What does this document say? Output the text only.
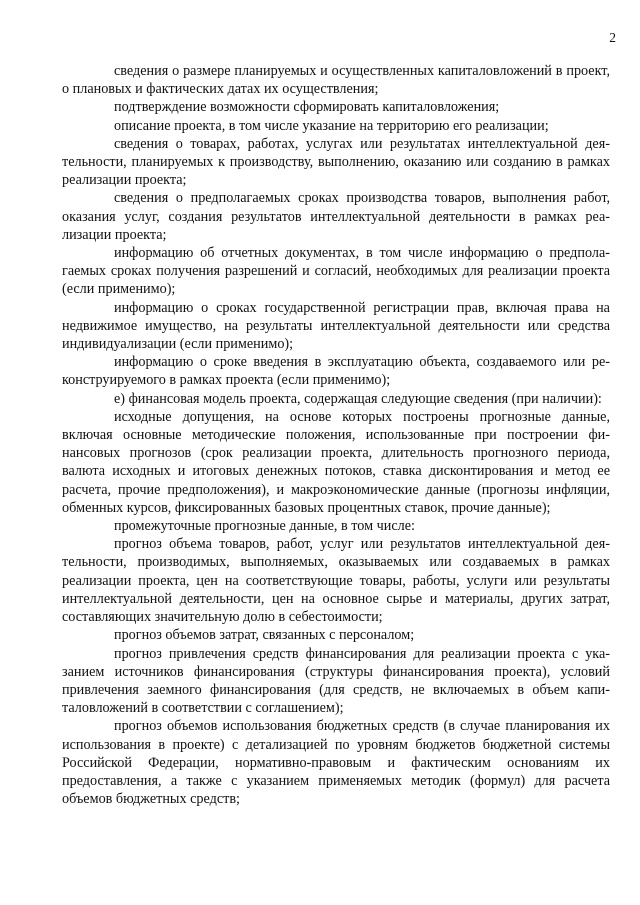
2

сведения о размере планируемых и осуществленных капиталовложений в проект, о плановых и фактических датах их осуществления;

подтверждение возможности сформировать капиталовложения;

описание проекта, в том числе указание на территорию его реализации;

сведения о товарах, работах, услугах или результатах интеллектуальной деятельности, планируемых к производству, выполнению, оказанию или созданию в рамках реализации проекта;

сведения о предполагаемых сроках производства товаров, выполнения работ, оказания услуг, создания результатов интеллектуальной деятельности в рамках реализации проекта;

информацию об отчетных документах, в том числе информацию о предполагаемых сроках получения разрешений и согласий, необходимых для реализации проекта (если применимо);

информацию о сроках государственной регистрации прав, включая права на недвижимое имущество, на результаты интеллектуальной деятельности или средства индивидуализации (если применимо);

информацию о сроке введения в эксплуатацию объекта, создаваемого или реконструируемого в рамках проекта (если применимо);

е) финансовая модель проекта, содержащая следующие сведения (при наличии):

исходные допущения, на основе которых построены прогнозные данные, включая основные методические положения, использованные при построении финансовых прогнозов (срок реализации проекта, длительность прогнозного периода, валюта исходных и итоговых денежных потоков, ставка дисконтирования и метод ее расчета, прочие предположения), и макроэкономические данные (прогнозы инфляции, обменных курсов, фиксированных базовых процентных ставок, прочие данные);

промежуточные прогнозные данные, в том числе:

прогноз объема товаров, работ, услуг или результатов интеллектуальной деятельности, производимых, выполняемых, оказываемых или создаваемых в рамках реализации проекта, цен на соответствующие товары, работы, услуги или результаты интеллектуальной деятельности, цен на основное сырье и материалы, других затрат, составляющих значительную долю в себестоимости;

прогноз объемов затрат, связанных с персоналом;

прогноз привлечения средств финансирования для реализации проекта с указанием источников финансирования (структуры финансирования проекта), условий привлечения заемного финансирования (для средств, не включаемых в объем капиталовложений в соответствии с соглашением);

прогноз объемов использования бюджетных средств (в случае планирования их использования в проекте) с детализацией по уровням бюджетов бюджетной системы Российской Федерации, нормативно-правовым и фактическим основаниям их предоставления, а также с указанием применяемых методик (формул) для расчета объемов бюджетных средств;
